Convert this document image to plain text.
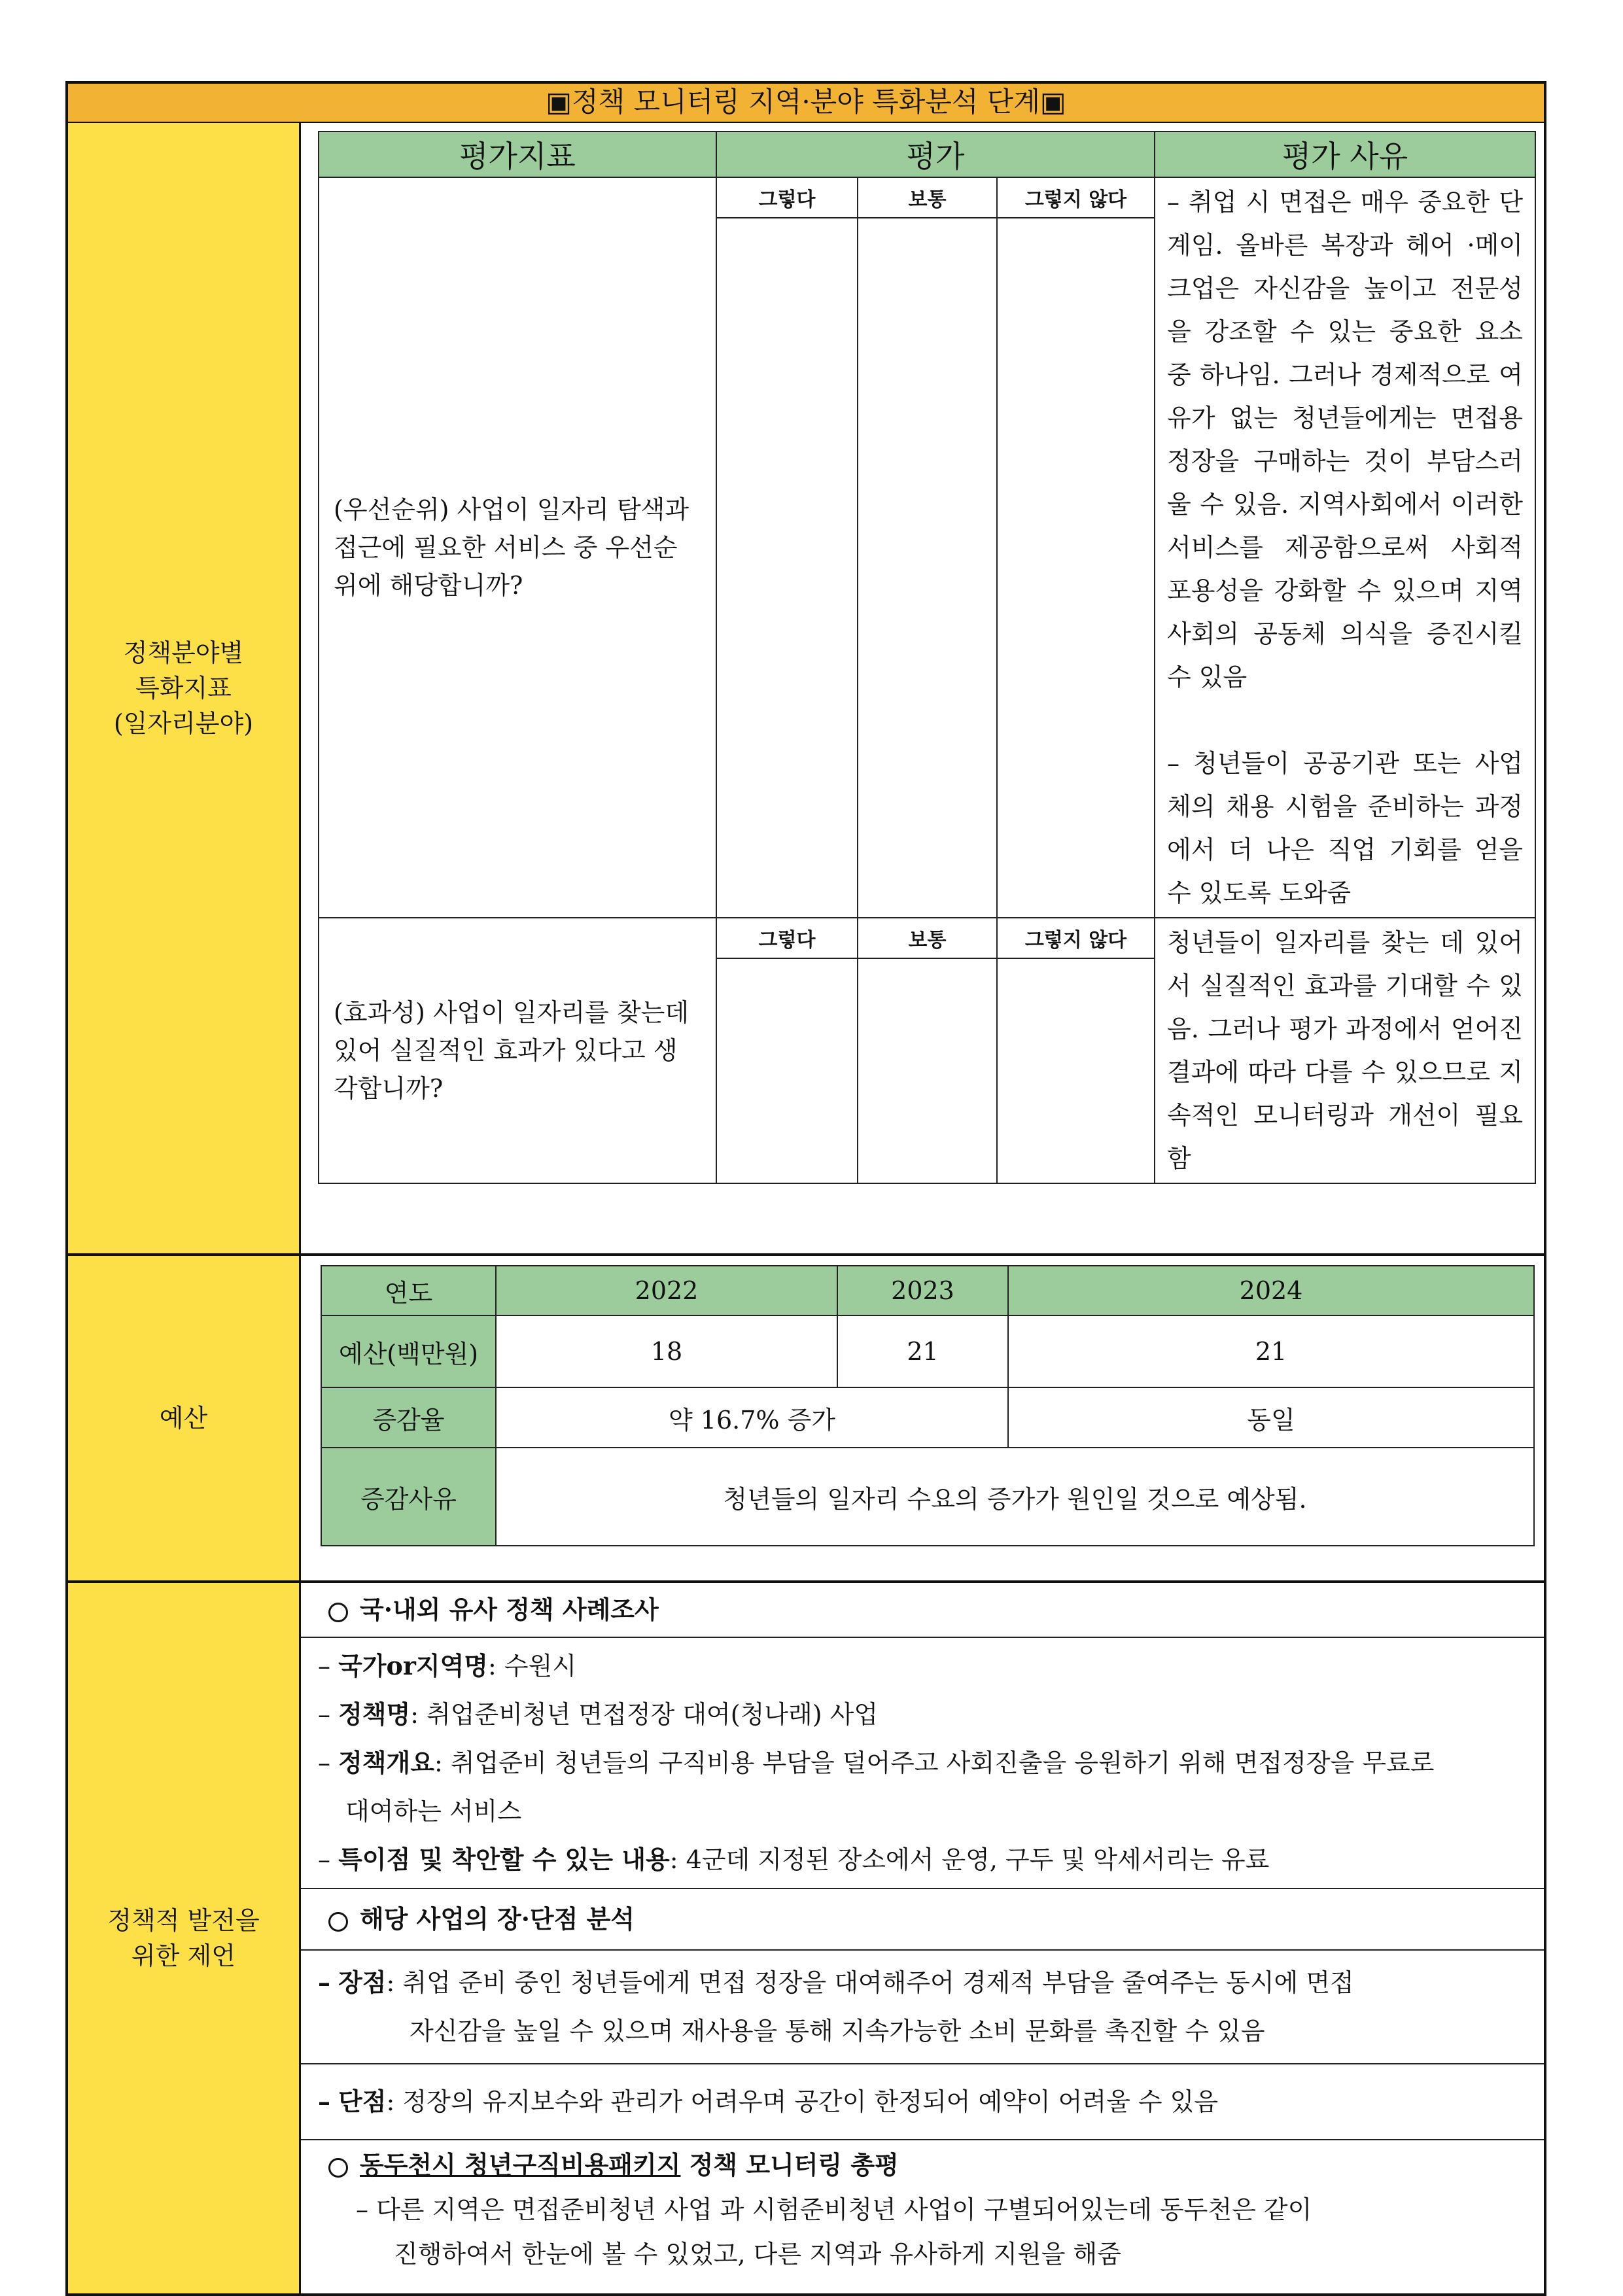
▣정책 모니터링 지역·분야 특화분석 단계▣
정책분야별
특화지표
(일자리분야)
평가지표	평가			평가 사유
(우선순위) 사업이 일자리 탐색과 접근에 필요한 서비스 중 우선순위에 해당합니까?	그렇다	보통	그렇지 않다	– 취업 시 면접은 매우 중요한 단계임. 올바른 복장과 헤어 ·메이크업은 자신감을 높이고 전문성을 강조할 수 있는 중요한 요소 중 하나임. 그러나 경제적으로 여유가 없는 청년들에게는 면접용 정장을 구매하는 것이 부담스러울 수 있음. 지역사회에서 이러한 서비스를 제공함으로써 사회적 포용성을 강화할 수 있으며 지역사회의 공동체 의식을 증진시킬 수 있음

– 청년들이 공공기관 또는 사업체의 채용 시험을 준비하는 과정에서 더 나은 직업 기회를 얻을 수 있도록 도와줌

(효과성) 사업이 일자리를 찾는데 있어 실질적인 효과가 있다고 생각합니까?	그렇다	보통	그렇지 않다	청년들이 일자리를 찾는 데 있어서 실질적인 효과를 기대할 수 있음. 그러나 평가 과정에서 얻어진 결과에 따라 다를 수 있으므로 지속적인 모니터링과 개선이 필요함

예산
연도	2022	2023	2024
예산(백만원)	18	21	21
증감율	약 16.7% 증가		동일
증감사유	청년들의 일자리 수요의 증가가 원인일 것으로 예상됨.		
정책적 발전을
위한 제언
국·내외 유사 정책 사례조사
– 국가or지역명: 수원시
– 정책명: 취업준비청년 면접정장 대여(청나래) 사업
– 정책개요: 취업준비 청년들의 구직비용 부담을 덜어주고 사회진출을 응원하기 위해 면접정장을 무료로
대여하는 서비스
– 특이점 및 착안할 수 있는 내용: 4군데 지정된 장소에서 운영, 구두 및 악세서리는 유료
해당 사업의 장·단점 분석
– 장점: 취업 준비 중인 청년들에게 면접 정장을 대여해주어 경제적 부담을 줄여주는 동시에 면접
자신감을 높일 수 있으며 재사용을 통해 지속가능한 소비 문화를 촉진할 수 있음
– 단점: 정장의 유지보수와 관리가 어려우며 공간이 한정되어 예약이 어려울 수 있음
동두천시 청년구직비용패키지 정책 모니터링 총평
– 다른 지역은 면접준비청년 사업 과 시험준비청년 사업이 구별되어있는데 동두천은 같이
진행하여서 한눈에 볼 수 있었고, 다른 지역과 유사하게 지원을 해줌
